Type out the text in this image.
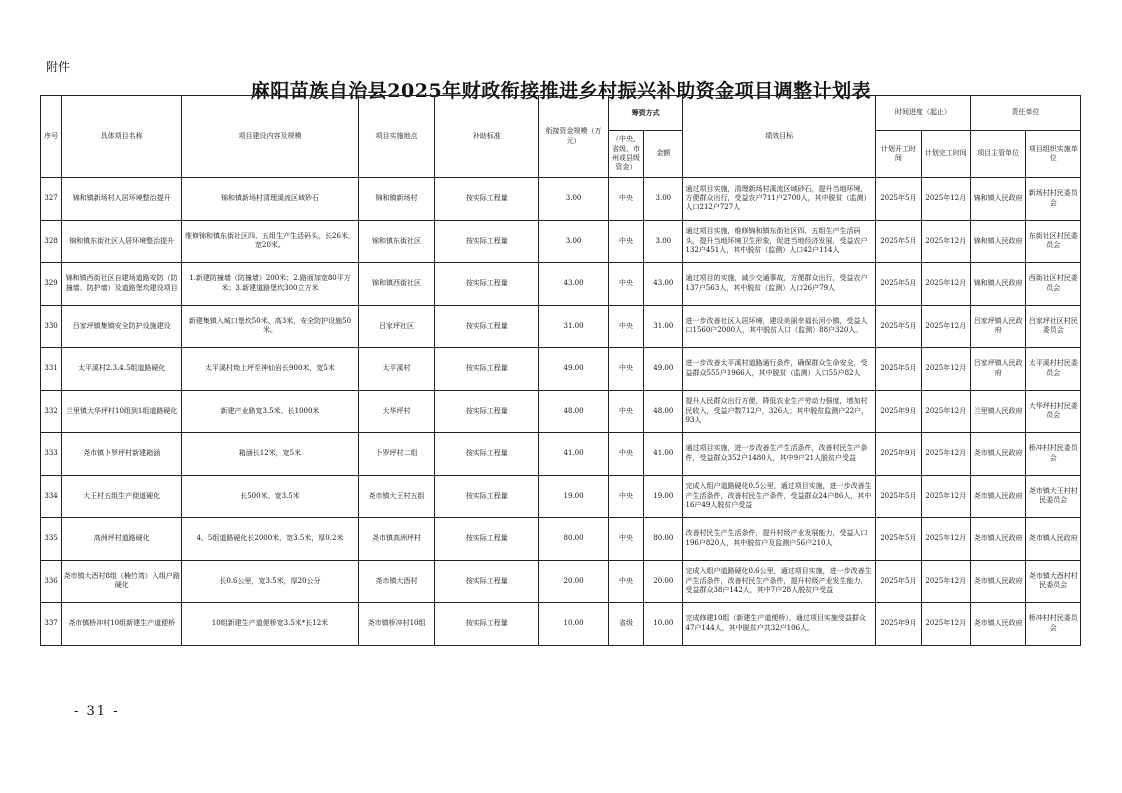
附件
麻阳苗族自治县2025年财政衔接推进乡村振兴补助资金项目调整计划表
序号	具体项目名称	项目建设内容及规模	项目实施地点	补助标准	衔接资金规模（万元）	筹资方式		绩效目标	时间进度（起止）		责任单位	
						（中央、省级、市州或县级资金）	金额		计划开工时间	计划完工时间	项目主管单位	项目组织实施单位
327	锦和镇新场村人居环境整治提升	锦和镇新场村清理溪流区域砂石	锦和镇新场村	按实际工程量	3.00	中央	3.00	通过项目实施，清理新场村溪流区域砂石，提升当地环境，方便群众出行，受益农户711户2700人，其中脱贫（监测）人口212户727人	2025年5月	2025年12月	锦和镇人民政府	新场村村民委员会
328	锦和镇东街社区人居环境整治提升	维修锦和镇东街社区四、五组生产生活码头，长26米，宽20米。	锦和镇东街社区	按实际工程量	3.00	中央	3.00	通过项目实施，维修锦和镇东街社区四、五组生产生活码头，提升当地环境卫生形象，促进当地经济发展，受益农户132户451人，其中脱贫（监测）人口42户114人	2025年5月	2025年12月	锦和镇人民政府	东街社区村民委员会
329	锦和镇西街社区自建场道路安防（防撞墙、防护墙）及道路堡坎建设项目	1.新建防撞墙（防撞墙）200米；2.路面加宽80平方米；3.新建道路堡坎300立方米	锦和镇西街社区	按实际工程量	43.00	中央	43.00	通过项目的实施，减少交通事故，方便群众出行，受益农户137户563人，其中脱贫（监测）人口26户79人	2025年5月	2025年12月	锦和镇人民政府	西街社区村民委员会
330	吕家坪镇集镇安全防护设施建设	新建集镇入城口堡坎50米、高3米，安全防护设施50米。	吕家坪社区	按实际工程量	31.00	中央	31.00	进一步改善社区人居环境，建设美丽幸福长河小镇，受益人口1560户2000人，其中脱贫人口（监测）88户320人。	2025年5月	2025年12月	吕家坪镇人民政府	吕家坪社区村民委员会
331	太平溪村2.3.4.5组道路硬化	太平溪村坳上坪至神仙岩长900米，宽5米	太平溪村	按实际工程量	49.00	中央	49.00	进一步改善太平溪村道路通行条件，确保群众生命安全，受益群众555户1966人，其中脱贫（监测）人口55户82人	2025年5月	2025年12月	吕家坪镇人民政府	太平溪村村民委员会
332	兰里镇大华坪村10组到1组道路硬化	新建产业路宽3.5米、长1000米	大华坪村	按实际工程量	48.00	中央	48.00	提升人民群众出行方便，降低农业生产劳动力强度，增加村民收入，受益户数712户，326人；其中脱贫监测户22户，93人	2025年9月	2025年12月	兰里镇人民政府	大华坪村村民委员会
333	尧市镇卜罗坪村新建箱涵	箱涵长12米，宽5米	卜罗坪村二组	按实际工程量	41.00	中央	41.00	通过项目实施，进一步改善生产生活条件，改善村民生产条件，受益群众352户1480人，其中9户21人脱贫户受益	2025年9月	2025年12月	尧市镇人民政府	桥冲村村民委员会
334	大王村五组生产便道硬化	长500米、宽3.5米	尧市镇大王村五组	按实际工程量	19.00	中央	19.00	完成入组户道路硬化0.5公里，通过项目实施，进一步改善生产生活条件，改善村民生产条件，受益群众24户86人，其中16户49人脱贫户受益	2025年5月	2025年12月	尧市镇人民政府	尧市镇大王村村民委员会
335	高洲坪村道路硬化	4、5组道路硬化长2000米，宽3.5米，厚0.2米	尧市镇高洲坪村	按实际工程量	80.00	中央	80.00	改善村民生产生活条件，提升村级产业发展能力，受益人口196户820人，其中脱贫户及监测户56户210人	2025年5月	2025年12月	尧市镇人民政府	尧市镇人民政府
336	尧市镇大酉村8组（楠竹湾）入组户路硬化	长0.6公里，宽3.5米，厚20公分	尧市镇大酉村	按实际工程量	20.00	中央	20.00	完成入组户道路硬化0.6公里，通过项目实施，进一步改善生产生活条件，改善村民生产条件，提升村级产业发生能力，受益群众38户142人，其中7户28人脱贫户受益	2025年5月	2025年12月	尧市镇人民政府	尧市镇大酉村村民委员会
337	尧市镇桥冲村10组新建生产道便桥	10组新建生产道便桥宽3.5米*长12米	尧市镇桥冲村10组	按实际工程量	10.00	省级	10.00	完成修建10组（新建生产道便桥），通过项目实施受益群众47户144人，其中脱贫户共32户106人。	2025年9月	2025年12月	尧市镇人民政府	桥冲村村民委员会
- 31 -
